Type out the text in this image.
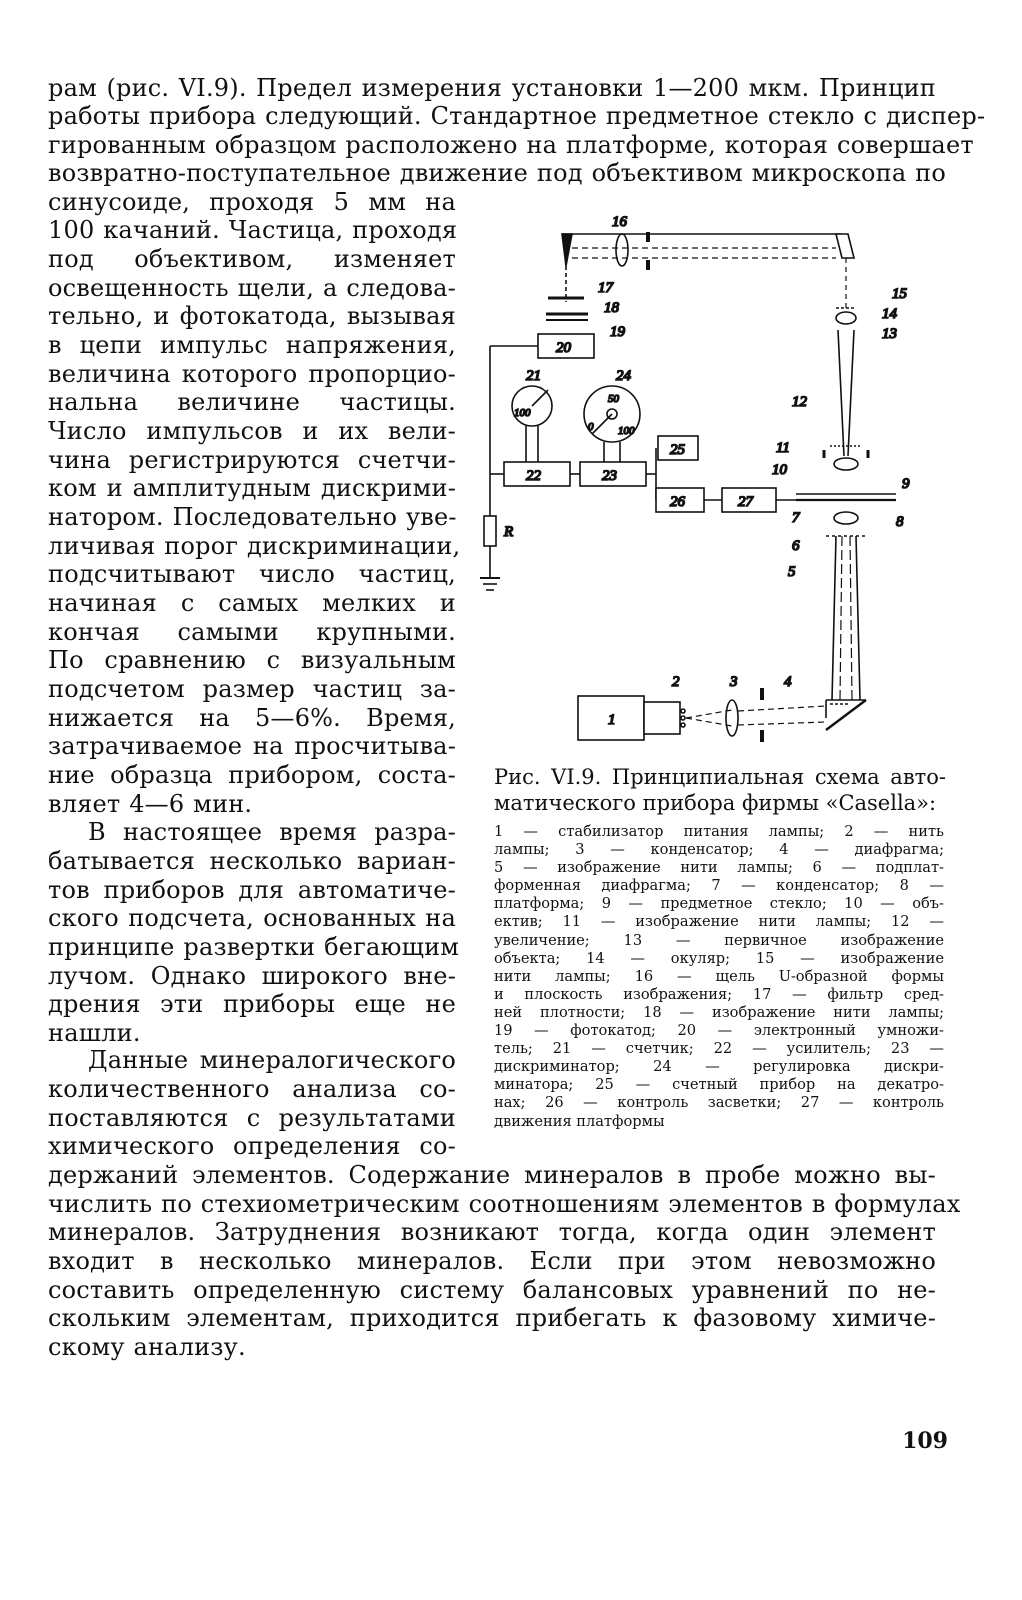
рам (рис. VI.9). Предел измерения установки 1—200 мкм. Принцип
работы прибора следующий. Стандартное предметное стекло с диспер-
гированным образцом расположено на платформе, которая совершает
возвратно-поступательное движение под объективом микроскопа по
синусоиде, проходя 5 мм на
100 качаний. Частица, проходя
под объективом, изменяет
освещенность щели, а следова-
тельно, и фотокатода, вызывая
в цепи импульс напряжения,
величина которого пропорцио-
нальна величине частицы.
Число импульсов и их вели-
чина регистрируются счетчи-
ком и амплитудным дискрими-
натором. Последовательно уве-
личивая порог дискриминации,
подсчитывают число частиц,
начиная с самых мелких и
кончая самыми крупными.
По сравнению с визуальным
подсчетом размер частиц за-
нижается на 5—6%. Время,
затрачиваемое на просчитыва-
ние образца прибором, соста-
вляет 4—6 мин.
В настоящее время разра-
батывается несколько вариан-
тов приборов для автоматиче-
ского подсчета, основанных на
принципе развертки бегающим
лучом. Однако широкого вне-
дрения эти приборы еще не
нашли.
Данные минералогического
количественного анализа со-
поставляются с результатами
химического определения со-
держаний элементов. Содержание минералов в пробе можно вы-
числить по стехиометрическим соотношениям элементов в формулах
минералов. Затруднения возникают тогда, когда один элемент
входит в несколько минералов. Если при этом невозможно
составить определенную систему балансовых уравнений по не-
скольким элементам, приходится прибегать к фазовому химиче-
скому анализу.
16
17
18
19
20
21	24
100
50
0 100
22	23
25
26	27
R
15
14
13
12
11
10
9
8
7
6
5
2	3	4
1
Рис. VI.9. Принципиальная схема авто-
матического прибора фирмы «Casella»:
1 — стабилизатор питания лампы; 2 — нить
лампы; 3 — конденсатор; 4 — диафрагма;
5 — изображение нити лампы; 6 — подплат-
форменная диафрагма; 7 — конденсатор; 8 —
платформа; 9 — предметное стекло; 10 — объ-
ектив; 11 — изображение нити лампы; 12 —
увеличение; 13 — первичное изображение
объекта; 14 — окуляр; 15 — изображение
нити лампы; 16 — щель U-образной формы
и плоскость изображения; 17 — фильтр сред-
ней плотности; 18 — изображение нити лампы;
19 — фотокатод; 20 — электронный умножи-
тель; 21 — счетчик; 22 — усилитель; 23 —
дискриминатор; 24 — регулировка дискри-
минатора; 25 — счетный прибор на декатро-
нах; 26 — контроль засветки; 27 — контроль
движения платформы
109
